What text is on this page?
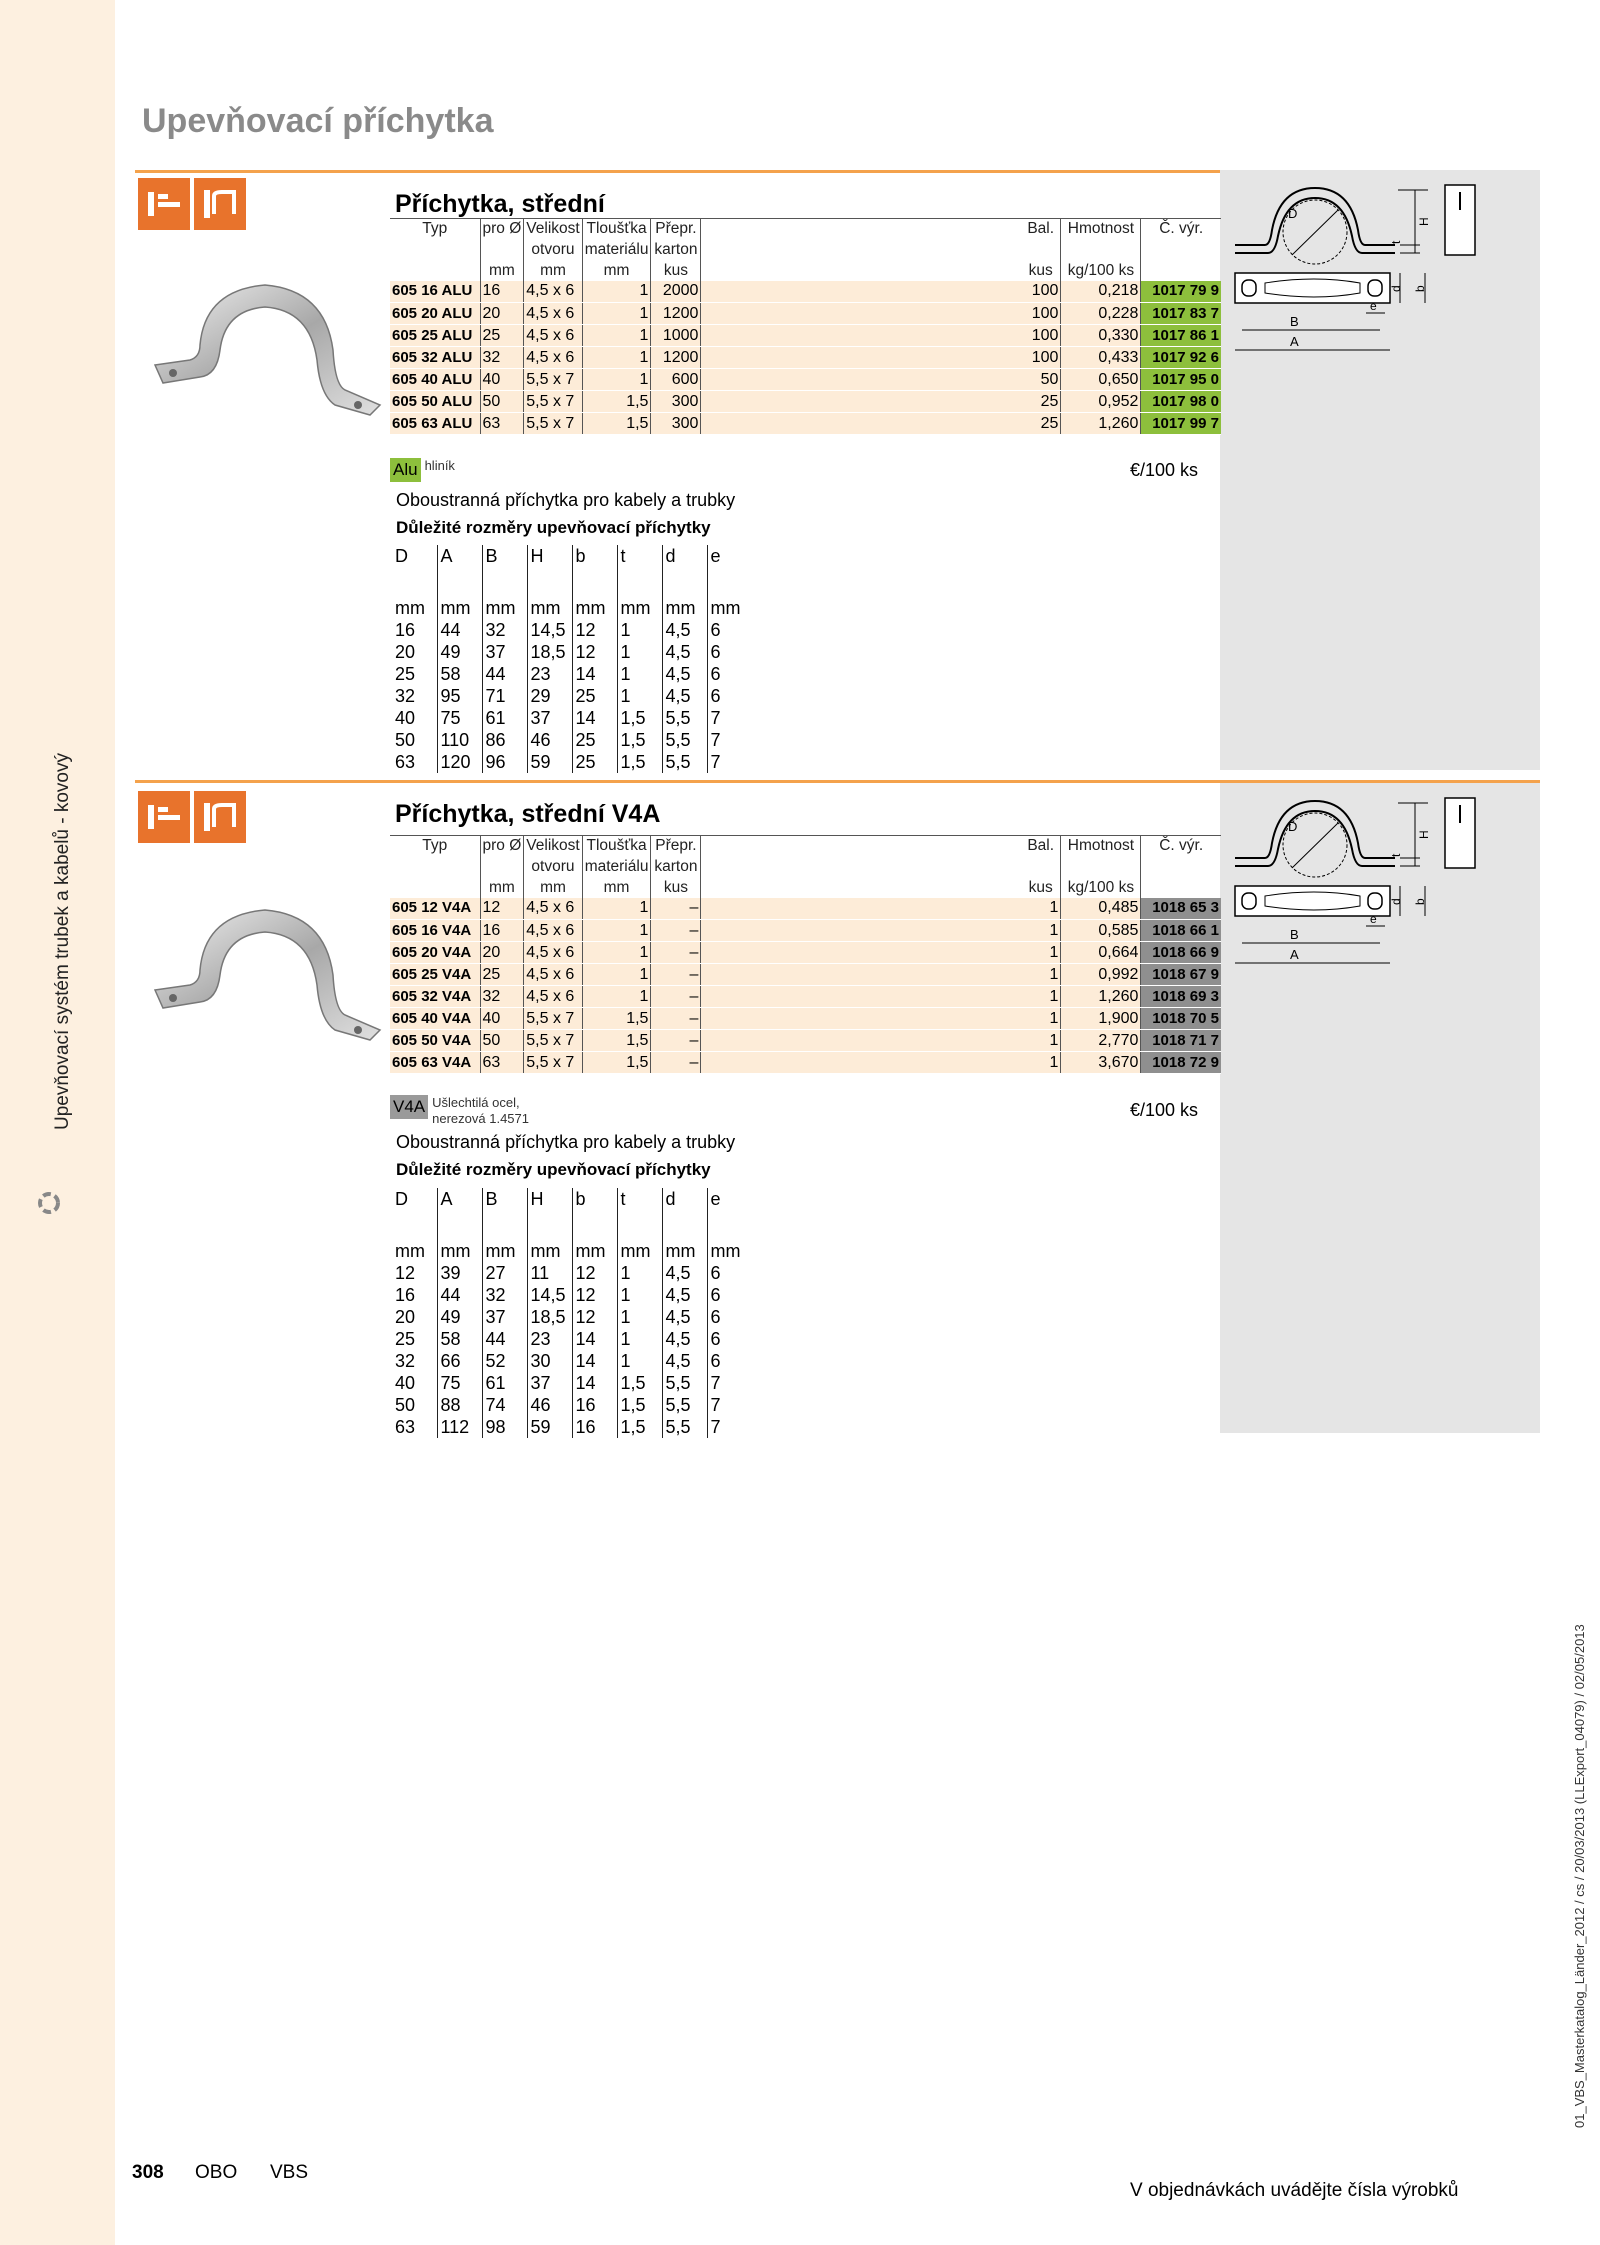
Upevňovací systém trubek a kabelů - kovový
Upevňovací příchytka
D
t
H
d b
e
B
A
Příchytka, střední
Typ	pro Ø	Velikost	Tloušťka	Přepr.		Bal.	Hmotnost	Č. výr.
		otvoru	materiálu	karton				
	mm	mm	mm	kus		kus	kg/100 ks	
605 16 ALU	16	4,5 x 6	1	2000		100	0,218	1017 79 9
605 20 ALU	20	4,5 x 6	1	1200		100	0,228	1017 83 7
605 25 ALU	25	4,5 x 6	1	1000		100	0,330	1017 86 1
605 32 ALU	32	4,5 x 6	1	1200		100	0,433	1017 92 6
605 40 ALU	40	5,5 x 7	1	600		50	0,650	1017 95 0
605 50 ALU	50	5,5 x 7	1,5	300		25	0,952	1017 98 0
605 63 ALU	63	5,5 x 7	1,5	300		25	1,260	1017 99 7
Alu hliník	€/100 ks
Oboustranná příchytka pro kabely a trubky
Důležité rozměry upevňovací příchytky
D	A	B	H	b	t	d	e

mm	mm	mm	mm	mm	mm	mm	mm
16	44	32	14,5	12	1	4,5	6
20	49	37	18,5	12	1	4,5	6
25	58	44	23	14	1	4,5	6
32	95	71	29	25	1	4,5	6
40	75	61	37	14	1,5	5,5	7
50	110	86	46	25	1,5	5,5	7
63	120	96	59	25	1,5	5,5	7
D
t
H
d b
e
B
A
Příchytka, střední V4A
Typ	pro Ø	Velikost	Tloušťka	Přepr.		Bal.	Hmotnost	Č. výr.
		otvoru	materiálu	karton				
	mm	mm	mm	kus		kus	kg/100 ks	
605 12 V4A	12	4,5 x 6	1	–		1	0,485	1018 65 3
605 16 V4A	16	4,5 x 6	1	–		1	0,585	1018 66 1
605 20 V4A	20	4,5 x 6	1	–		1	0,664	1018 66 9
605 25 V4A	25	4,5 x 6	1	–		1	0,992	1018 67 9
605 32 V4A	32	4,5 x 6	1	–		1	1,260	1018 69 3
605 40 V4A	40	5,5 x 7	1,5	–		1	1,900	1018 70 5
605 50 V4A	50	5,5 x 7	1,5	–		1	2,770	1018 71 7
605 63 V4A	63	5,5 x 7	1,5	–		1	3,670	1018 72 9
V4A Ušlechtilá ocel,
nerezová 1.4571	€/100 ks
Oboustranná příchytka pro kabely a trubky
Důležité rozměry upevňovací příchytky
D	A	B	H	b	t	d	e

mm	mm	mm	mm	mm	mm	mm	mm
12	39	27	11	12	1	4,5	6
16	44	32	14,5	12	1	4,5	6
20	49	37	18,5	12	1	4,5	6
25	58	44	23	14	1	4,5	6
32	66	52	30	14	1	4,5	6
40	75	61	37	14	1,5	5,5	7
50	88	74	46	16	1,5	5,5	7
63	112	98	59	16	1,5	5,5	7
308 OBO VBS
V objednávkách uvádějte čísla výrobků
01_VBS_Masterkatalog_Länder_2012 / cs / 20/03/2013 (LLExport_04079) / 02/05/2013
